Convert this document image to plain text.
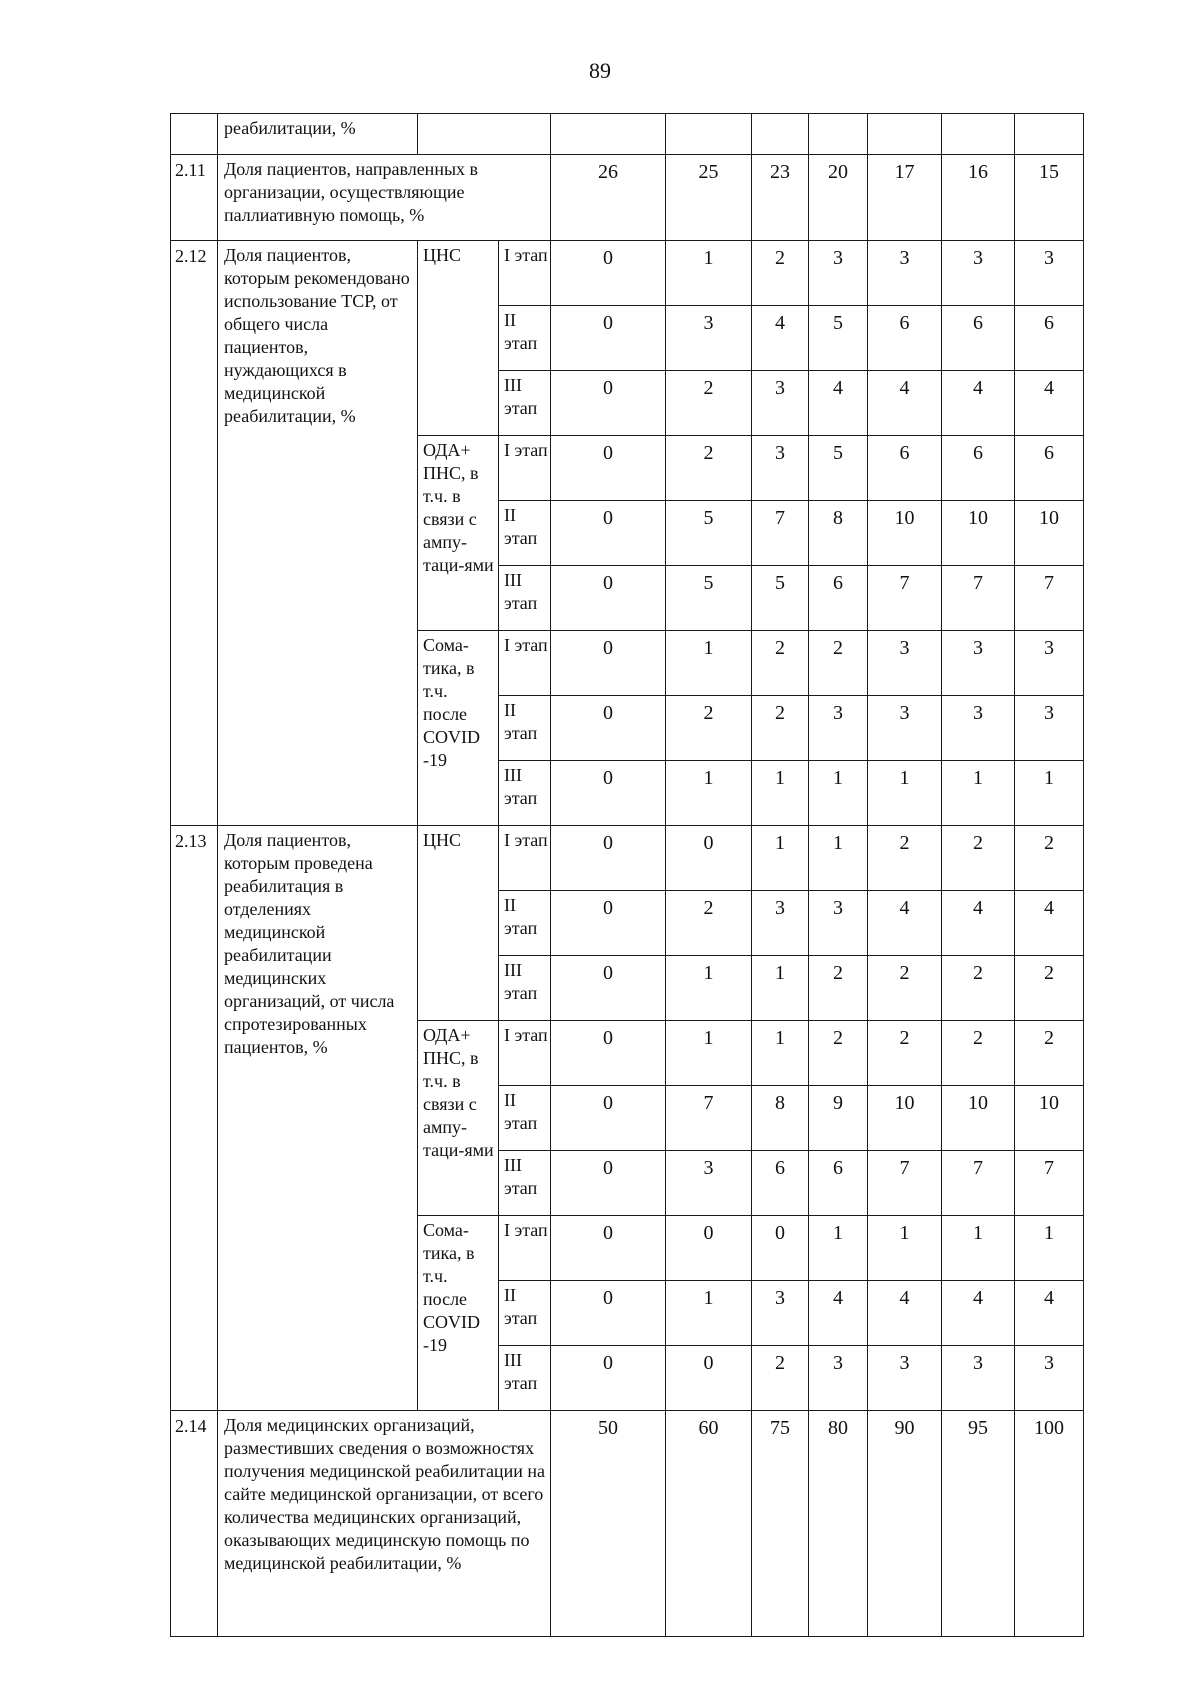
89
	реабилитации, %									
2.11	Доля пациентов, направленных в организации, осуществляющие паллиативную помощь, %			26	25	23	20	17	16	15
2.12	Доля пациентов, которым рекомендовано использование ТСР, от общего числа пациентов, нуждающихся в медицинской реабилитации, %	ЦНС	I этап	0	1	2	3	3	3	3
			II этап	0	3	4	5	6	6	6
			III этап	0	2	3	4	4	4	4
		ОДА+ ПНС, в т.ч. в связи с ампу-таци-ями	I этап	0	2	3	5	6	6	6
			II этап	0	5	7	8	10	10	10
			III этап	0	5	5	6	7	7	7
		Сома-тика, в т.ч. после COVID -19	I этап	0	1	2	2	3	3	3
			II этап	0	2	2	3	3	3	3
			III этап	0	1	1	1	1	1	1
2.13	Доля пациентов, которым проведена реабилитация в отделениях медицинской реабилитации медицинских организаций, от числа спротезированных пациентов, %	ЦНС	I этап	0	0	1	1	2	2	2
			II этап	0	2	3	3	4	4	4
			III этап	0	1	1	2	2	2	2
		ОДА+ ПНС, в т.ч. в связи с ампу-таци-ями	I этап	0	1	1	2	2	2	2
			II этап	0	7	8	9	10	10	10
			III этап	0	3	6	6	7	7	7
		Сома-тика, в т.ч. после COVID -19	I этап	0	0	0	1	1	1	1
			II этап	0	1	3	4	4	4	4
			III этап	0	0	2	3	3	3	3
2.14	Доля медицинских организаций, разместивших сведения о возможностях получения медицинской реабилитации на сайте медицинской организации, от всего количества медицинских организаций, оказывающих медицинскую помощь по медицинской реабилитации, %			50	60	75	80	90	95	100
